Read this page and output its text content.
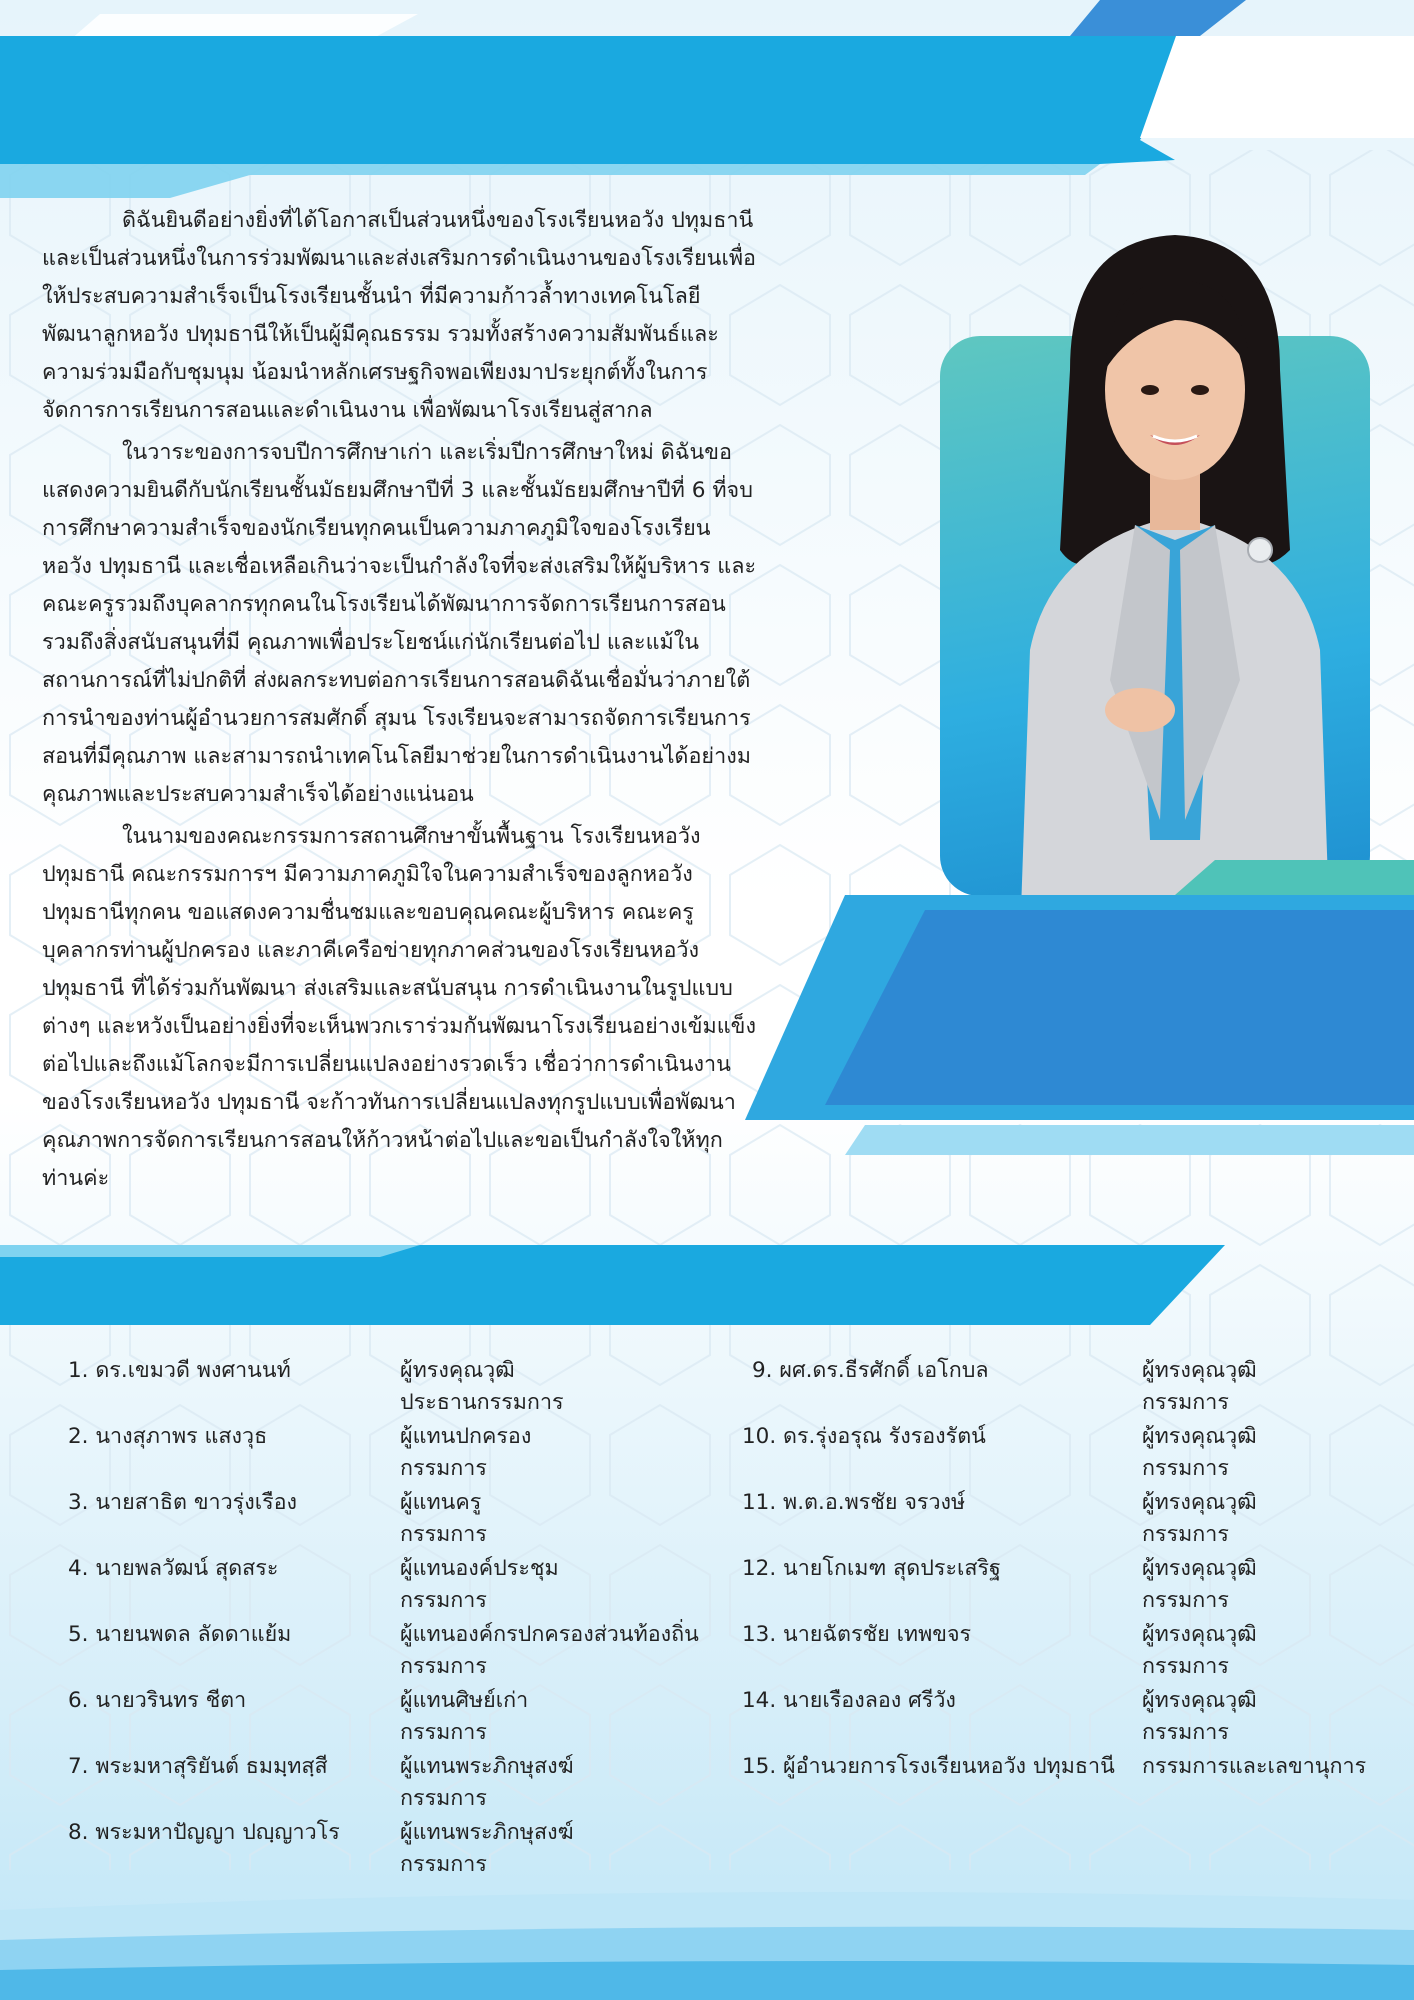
ดิฉันยินดีอย่างยิ่งที่ได้โอกาสเป็นส่วนหนึ่งของโรงเรียนหอวัง ปทุมธานี และเป็นส่วนหนึ่งในการร่วมพัฒนาและส่งเสริมการดำเนินงานของโรงเรียนเพื่อให้ประสบความสำเร็จเป็นโรงเรียนชั้นนำ ที่มีความก้าวล้ำทางเทคโนโลยี พัฒนาลูกหอวัง ปทุมธานีให้เป็นผู้มีคุณธรรม รวมทั้งสร้างความสัมพันธ์และความร่วมมือกับชุมนุม น้อมนำหลักเศรษฐกิจพอเพียงมาประยุกต์ทั้งในการจัดการการเรียนการสอนและดำเนินงาน เพื่อพัฒนาโรงเรียนสู่สากล

ในวาระของการจบปีการศึกษาเก่า และเริ่มปีการศึกษาใหม่ ดิฉันขอแสดงความยินดีกับนักเรียนชั้นมัธยมศึกษาปีที่ 3 และชั้นมัธยมศึกษาปีที่ 6 ที่จบการศึกษาความสำเร็จของนักเรียนทุกคนเป็นความภาคภูมิใจของโรงเรียนหอวัง ปทุมธานี และเชื่อเหลือเกินว่าจะเป็นกำลังใจที่จะส่งเสริมให้ผู้บริหาร และคณะครูรวมถึงบุคลากรทุกคนในโรงเรียนได้พัฒนาการจัดการเรียนการสอน รวมถึงสิ่งสนับสนุนที่มี คุณภาพเพื่อประโยชน์แก่นักเรียนต่อไป และแม้ในสถานการณ์ที่ไม่ปกติที่ ส่งผลกระทบต่อการเรียนการสอนดิฉันเชื่อมั่นว่าภายใต้การนำของท่านผู้อำนวยการสมศักดิ์ สุมน โรงเรียนจะสามารถจัดการเรียนการสอนที่มีคุณภาพ และสามารถนำเทคโนโลยีมาช่วยในการดำเนินงานได้อย่างมคุณภาพและประสบความสำเร็จได้อย่างแน่นอน

ในนามของคณะกรรมการสถานศึกษาขั้นพื้นฐาน โรงเรียนหอวัง ปทุมธานี คณะกรรมการฯ มีความภาคภูมิใจในความสำเร็จของลูกหอวัง ปทุมธานีทุกคน ขอแสดงความชื่นชมและขอบคุณคณะผู้บริหาร คณะครู บุคลากรท่านผู้ปกครอง และภาคีเครือข่ายทุกภาคส่วนของโรงเรียนหอวัง ปทุมธานี ที่ได้ร่วมกันพัฒนา ส่งเสริมและสนับสนุน การดำเนินงานในรูปแบบต่างๆ และหวังเป็นอย่างยิ่งที่จะเห็นพวกเราร่วมกันพัฒนาโรงเรียนอย่างเข้มแข็งต่อไปและถึงแม้โลกจะมีการเปลี่ยนแปลงอย่างรวดเร็ว เชื่อว่าการดำเนินงานของโรงเรียนหอวัง ปทุมธานี จะก้าวทันการเปลี่ยนแปลงทุกรูปแบบเพื่อพัฒนาคุณภาพการจัดการเรียนการสอนให้ก้าวหน้าต่อไปและขอเป็นกำลังใจให้ทุกท่านค่ะ

1. ดร.เขมวดี พงศานนท์	ผู้ทรงคุณวุฒิ
ประธานกรรมการ
2. นางสุภาพร แสงวุธ	ผู้แทนปกครอง
กรรมการ
3. นายสาธิต ขาวรุ่งเรือง	ผู้แทนครู
กรรมการ
4. นายพลวัฒน์ สุดสระ	ผู้แทนองค์ประชุม
กรรมการ
5. นายนพดล ลัดดาแย้ม	ผู้แทนองค์กรปกครองส่วนท้องถิ่น
กรรมการ
6. นายวรินทร ชีตา	ผู้แทนศิษย์เก่า
กรรมการ
7. พระมหาสุริยันต์ ธมมฺทสฺสี	ผู้แทนพระภิกษุสงฆ์
กรรมการ
8. พระมหาปัญญา ปญฺญาวโร	ผู้แทนพระภิกษุสงฆ์
กรรมการ
9. ผศ.ดร.ธีรศักดิ์ เอโกบล	ผู้ทรงคุณวุฒิ
กรรมการ
10. ดร.รุ่งอรุณ รังรองรัตน์	ผู้ทรงคุณวุฒิ
กรรมการ
11. พ.ต.อ.พรชัย จรวงษ์	ผู้ทรงคุณวุฒิ
กรรมการ
12. นายโกเมฑ สุดประเสริฐ	ผู้ทรงคุณวุฒิ
กรรมการ
13. นายฉัตรชัย เทพขจร	ผู้ทรงคุณวุฒิ
กรรมการ
14. นายเรืองลอง ศรีวัง	ผู้ทรงคุณวุฒิ
กรรมการ
15. ผู้อำนวยการโรงเรียนหอวัง ปทุมธานี กรรมการและเลขานุการ
